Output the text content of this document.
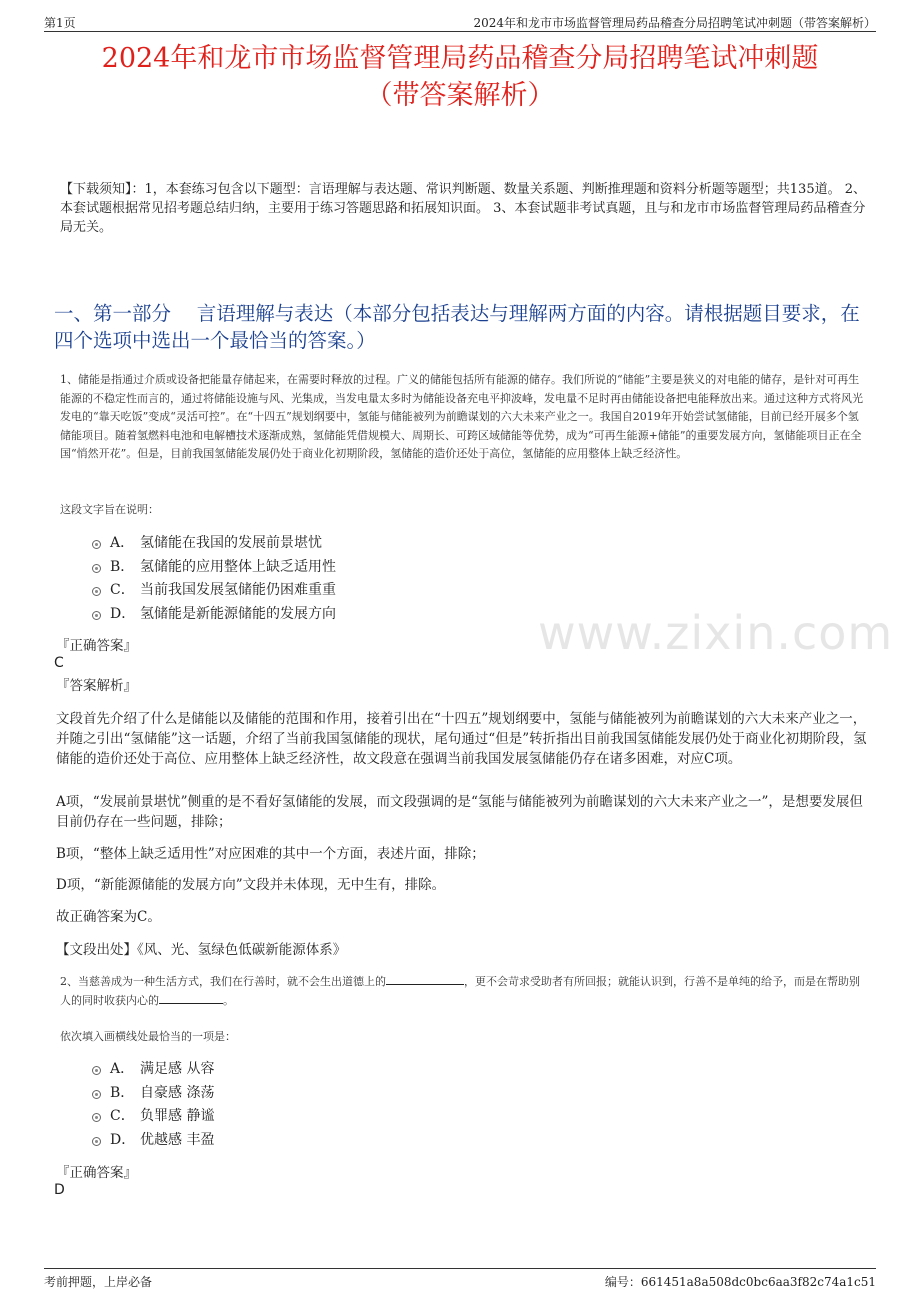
第1页	2024年和龙市市场监督管理局药品稽查分局招聘笔试冲刺题（带答案解析）
2024年和龙市市场监督管理局药品稽查分局招聘笔试冲刺题
（带答案解析）
【下载须知】：1，本套练习包含以下题型：言语理解与表达题、常识判断题、数量关系题、判断推理题和资料分析题等题型；共135道。 2、本套试题根据常见招考题总结归纳，主要用于练习答题思路和拓展知识面。 3、本套试题非考试真题，且与和龙市市场监督管理局药品稽查分局无关。
一、第一部分　 言语理解与表达（本部分包括表达与理解两方面的内容。请根据题目要求，在四个选项中选出一个最恰当的答案。）
1、储能是指通过介质或设备把能量存储起来，在需要时释放的过程。广义的储能包括所有能源的储存。我们所说的“储能”主要是狭义的对电能的储存，是针对可再生能源的不稳定性而言的，通过将储能设施与风、光集成，当发电量太多时为储能设备充电平抑波峰，发电量不足时再由储能设备把电能释放出来。通过这种方式将风光发电的“靠天吃饭”变成“灵活可控”。在“十四五”规划纲要中，氢能与储能被列为前瞻谋划的六大未来产业之一。我国自2019年开始尝试氢储能，目前已经开展多个氢储能项目。随着氢燃料电池和电解槽技术逐渐成熟，氢储能凭借规模大、周期长、可跨区域储能等优势，成为“可再生能源+储能”的重要发展方向，氢储能项目正在全国“悄然开花”。但是，目前我国氢储能发展仍处于商业化初期阶段，氢储能的造价还处于高位，氢储能的应用整体上缺乏经济性。
这段文字旨在说明：
A． 氢储能在我国的发展前景堪忧
B． 氢储能的应用整体上缺乏适用性
C． 当前我国发展氢储能仍困难重重
D． 氢储能是新能源储能的发展方向
『正确答案』
C
『答案解析』
文段首先介绍了什么是储能以及储能的范围和作用，接着引出在“十四五”规划纲要中，氢能与储能被列为前瞻谋划的六大未来产业之一，并随之引出“氢储能”这一话题，介绍了当前我国氢储能的现状，尾句通过“但是”转折指出目前我国氢储能发展仍处于商业化初期阶段，氢储能的造价还处于高位、应用整体上缺乏经济性，故文段意在强调当前我国发展氢储能仍存在诸多困难，对应C项。
A项，“发展前景堪忧”侧重的是不看好氢储能的发展，而文段强调的是“氢能与储能被列为前瞻谋划的六大未来产业之一”，是想要发展但目前仍存在一些问题，排除；
B项，“整体上缺乏适用性”对应困难的其中一个方面，表述片面，排除；
D项，“新能源储能的发展方向”文段并未体现，无中生有，排除。
故正确答案为C。
【文段出处】《风、光、氢绿色低碳新能源体系》
2、当慈善成为一种生活方式，我们在行善时，就不会生出道德上的	，更不会苛求受助者有所回报；就能认识到，行善不是单纯的给予，而是在帮助别人的同时收获内心的	。
依次填入画横线处最恰当的一项是：
A． 满足感 从容
B． 自豪感 涤荡
C． 负罪感 静谧
D． 优越感 丰盈
『正确答案』
D
www.zixin.com
考前押题，上岸必备	编号：661451a8a508dc0bc6aa3f82c74a1c51
